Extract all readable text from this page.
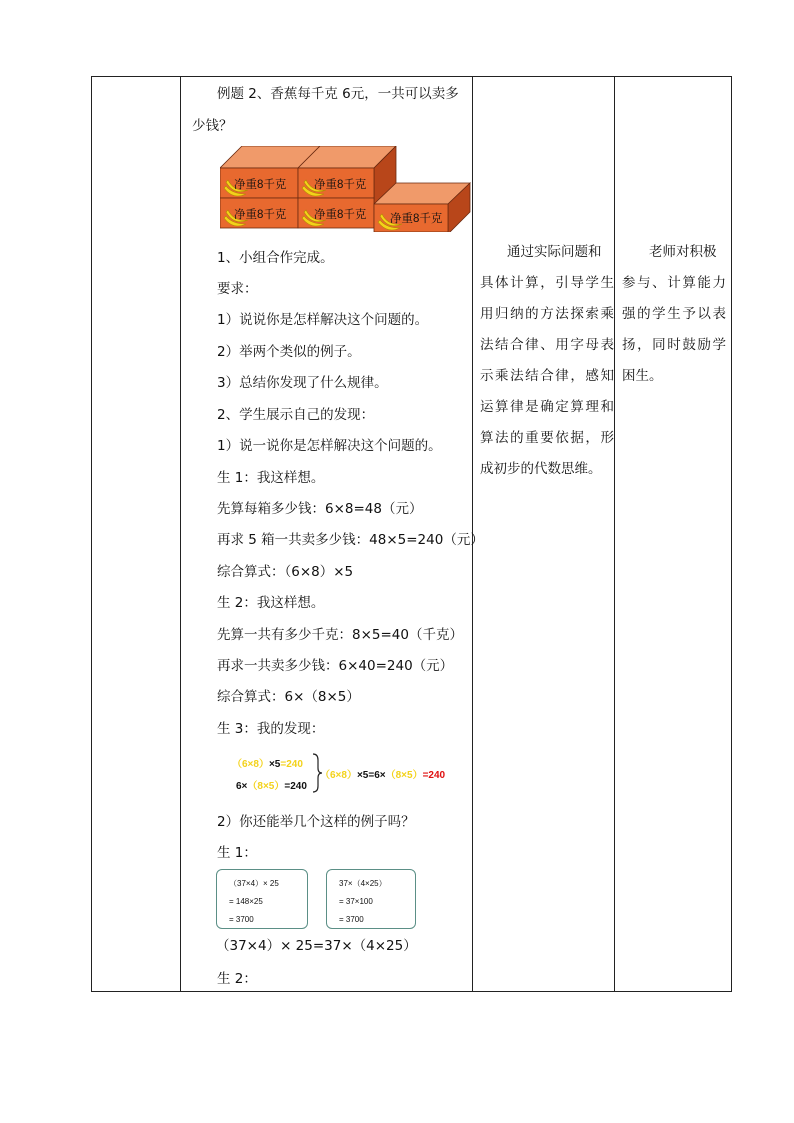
例题 2、香蕉每千克 6元，一共可以卖多
少钱？
净重8千克 净重8千克
净重8千克 净重8千克 净重8千克
1、小组合作完成。
要求：
1）说说你是怎样解决这个问题的。
2）举两个类似的例子。
3）总结你发现了什么规律。
2、学生展示自己的发现：
1）说一说你是怎样解决这个问题的。
生 1：我这样想。
先算每箱多少钱：6×8=48（元）
再求 5 箱一共卖多少钱：48×5=240（元）
综合算式：（6×8）×5
生 2：我这样想。
先算一共有多少千克：8×5=40（千克）
再求一共卖多少钱：6×40=240（元）
综合算式：6×（8×5）
生 3：我的发现：
（6×8）×5=240
6×（8×5）=240
（6×8）×5=6×（8×5）=240
2）你还能举几个这样的例子吗？
生 1：
（37×4）× 25
= 148×25
= 3700
37×（4×25）
= 37×100
= 3700
（37×4）× 25=37×（4×25）
生 2：
　　通过实际问题和
具体计算，引导学生
用归纳的方法探索乘
法结合律、用字母表
示乘法结合律，感知
运算律是确定算理和
算法的重要依据，形
成初步的代数思维。
　　老师对积极
参与、计算能力
强的学生予以表
扬，同时鼓励学
困生。
